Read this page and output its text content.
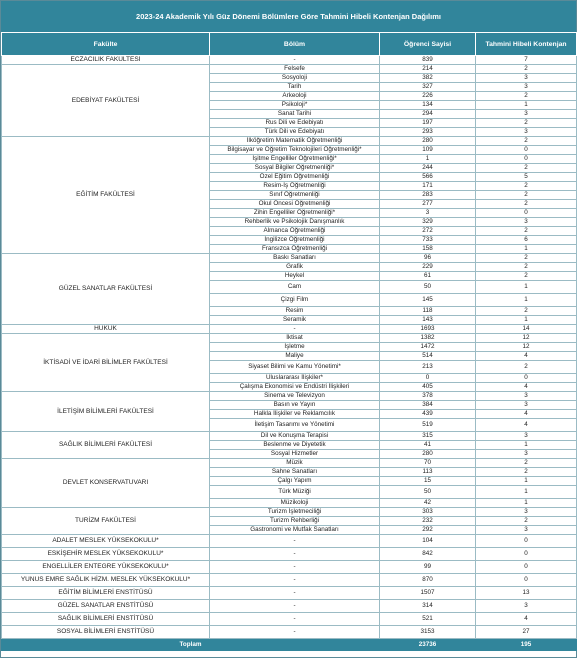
2023-24 Akademik Yılı Güz Dönemi Bölümlere Göre Tahmini Hibeli Kontenjan Dağılımı
Fakülte	Bölüm	Öğrenci Sayisi	Tahmini Hibeli Kontenjan
ECZACILIK FAKÜLTESİ	-	839	7
EDEBİYAT FAKÜLTESİ	Felsefe	214	2
	Sosyoloji	382	3
	Tarih	327	3
	Arkeoloji	226	2
	Psikoloji*	134	1
	Sanat Tarihi	294	3
	Rus Dili ve Edebiyatı	197	2
	Türk Dili ve Edebiyatı	293	3
EĞİTİM FAKÜLTESİ	İlköğretim Matematik Öğretmenliği	280	2
	Bilgisayar ve Öğretim Teknolojileri Öğretmenliği*	109	0
	İşitme Engelliler Öğretmenliği*	1	0
	Sosyal Bilgiler Öğretmenliği*	244	2
	Özel Eğitim Öğretmenliği	566	5
	Resim-İş Öğretmenliği	171	2
	Sınıf Öğretmenliği	283	2
	Okul Öncesi Öğretmenliği	277	2
	Zihin Engelliler Öğretmenliği*	3	0
	Rehberlik ve Psikolojik Danışmanlık	329	3
	Almanca Öğretmenliği	272	2
	İngilizce Öğretmenliği	733	6
	Fransızca Öğretmenliği	158	1
GÜZEL SANATLAR FAKÜLTESİ	Baskı Sanatları	96	2
	Grafik	229	2
	Heykel	61	2
	Cam	50	1
	Çizgi Film	145	1
	Resim	118	2
	Seramik	143	1
HUKUK	-	1693	14
İKTİSADİ VE İDARİ BİLİMLER FAKÜLTESİ	İktisat	1382	12
	İşletme	1472	12
	Maliye	514	4
	Siyaset Bilimi ve Kamu Yönetimi*	213	2
	Uluslararası İlişkiler*	0	0
	Çalışma Ekonomisi ve Endüstri İlişkileri	405	4
İLETİŞİM BİLİMLERİ FAKÜLTESİ	Sinema ve Televizyon	378	3
	Basın ve Yayın	384	3
	Halkla İlişkiler ve Reklamcılık	439	4
	İletişim Tasarımı ve Yönetimi	519	4
SAĞLIK BİLİMLERİ FAKÜLTESİ	Dil ve Konuşma Terapisi	315	3
	Beslenme ve Diyetetik	41	1
	Sosyal Hizmetler	280	3
DEVLET KONSERVATUVARI	Müzik	70	2
	Sahne Sanatları	113	2
	Çalgı Yapım	15	1
	Türk Müziği	50	1
	Müzikoloji	42	1
TURİZM FAKÜLTESİ	Turizm İşletmeciliği	303	3
	Turizm Rehberliği	232	2
	Gastronomi ve Mutfak Sanatları	292	3
ADALET MESLEK YÜKSEKOKULU*	-	104	0
ESKİŞEHİR MESLEK YÜKSEKOKULU*	-	842	0
ENGELLİLER ENTEGRE YÜKSEKOKULU*	-	99	0
YUNUS EMRE SAĞLIK HİZM. MESLEK YÜKSEKOKULU*	-	870	0
EĞİTİM BİLİMLERİ ENSTİTÜSÜ	-	1507	13
GÜZEL SANATLAR ENSTİTÜSÜ	-	314	3
SAĞLIK BİLİMLERİ ENSTİTÜSÜ	-	521	4
SOSYAL BİLİMLERİ ENSTİTÜSÜ	-	3153	27
Toplam		23736	195
